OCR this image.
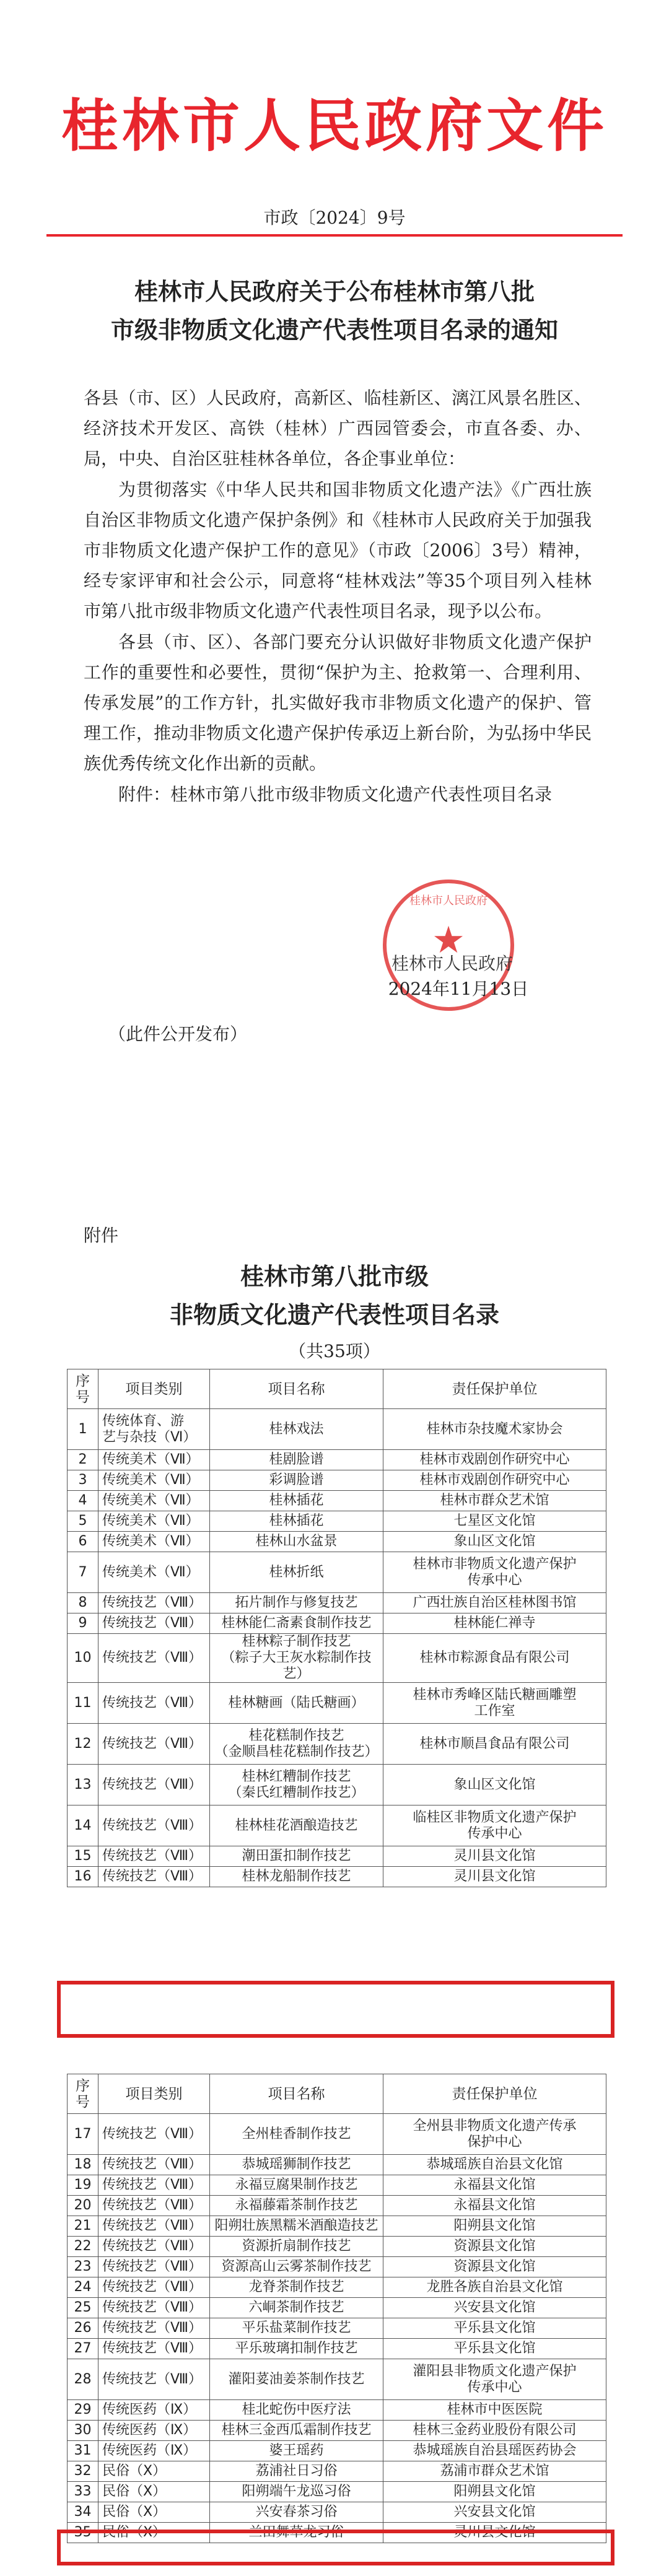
桂林市人民政府文件
市政〔2024〕9号
桂林市人民政府关于公布桂林市第八批
市级非物质文化遗产代表性项目名录的通知
各县（市、区）人民政府，高新区、临桂新区、漓江风景名胜区、经济技术开发区、高铁（桂林）广西园管委会，市直各委、办、局，中央、自治区驻桂林各单位，各企事业单位：
为贯彻落实《中华人民共和国非物质文化遗产法》《广西壮族自治区非物质文化遗产保护条例》和《桂林市人民政府关于加强我市非物质文化遗产保护工作的意见》（市政〔2006〕3号）精神，经专家评审和社会公示，同意将“桂林戏法”等35个项目列入桂林市第八批市级非物质文化遗产代表性项目名录，现予以公布。
各县（市、区）、各部门要充分认识做好非物质文化遗产保护工作的重要性和必要性，贯彻“保护为主、抢救第一、合理利用、传承发展”的工作方针，扎实做好我市非物质文化遗产的保护、管理工作，推动非物质文化遗产保护传承迈上新台阶，为弘扬中华民族优秀传统文化作出新的贡献。
附件：桂林市第八批市级非物质文化遗产代表性项目名录
桂林市人民政府
★
桂林市人民政府
2024年11月13日
（此件公开发布）
附件
桂林市第八批市级
非物质文化遗产代表性项目名录
（共35项）
序
号	项目类别	项目名称	责任保护单位

1	传统体育、游
艺与杂技（Ⅵ）	桂林戏法	桂林市杂技魔术家协会

2	传统美术（Ⅶ）	桂剧脸谱	桂林市戏剧创作研究中心

3	传统美术（Ⅶ）	彩调脸谱	桂林市戏剧创作研究中心

4	传统美术（Ⅶ）	桂林插花	桂林市群众艺术馆

5	传统美术（Ⅶ）	桂林插花	七星区文化馆

6	传统美术（Ⅶ）	桂林山水盆景	象山区文化馆

7	传统美术（Ⅶ）	桂林折纸	桂林市非物质文化遗产保护
传承中心

8	传统技艺（Ⅷ）	拓片制作与修复技艺	广西壮族自治区桂林图书馆

9	传统技艺（Ⅷ）	桂林能仁斋素食制作技艺	桂林能仁禅寺

10	传统技艺（Ⅷ）	桂林粽子制作技艺
（粽子大王灰水粽制作技艺）	桂林市粽源食品有限公司

11	传统技艺（Ⅷ）	桂林糖画（陆氏糖画）	桂林市秀峰区陆氏糖画雕塑
工作室

12	传统技艺（Ⅷ）	桂花糕制作技艺
（金顺昌桂花糕制作技艺）	桂林市顺昌食品有限公司

13	传统技艺（Ⅷ）	桂林红糟制作技艺
（秦氏红糟制作技艺）	象山区文化馆

14	传统技艺（Ⅷ）	桂林桂花酒酿造技艺	临桂区非物质文化遗产保护
传承中心

15	传统技艺（Ⅷ）	潮田蛋扣制作技艺	灵川县文化馆

16	传统技艺（Ⅷ）	桂林龙船制作技艺	灵川县文化馆
序
号	项目类别	项目名称	责任保护单位

17	传统技艺（Ⅷ）	全州桂香制作技艺	全州县非物质文化遗产传承
保护中心

18	传统技艺（Ⅷ）	恭城瑶狮制作技艺	恭城瑶族自治县文化馆

19	传统技艺（Ⅷ）	永福豆腐果制作技艺	永福县文化馆

20	传统技艺（Ⅷ）	永福藤霜茶制作技艺	永福县文化馆

21	传统技艺（Ⅷ）	阳朔壮族黑糯米酒酿造技艺	阳朔县文化馆

22	传统技艺（Ⅷ）	资源折扇制作技艺	资源县文化馆

23	传统技艺（Ⅷ）	资源高山云雾茶制作技艺	资源县文化馆

24	传统技艺（Ⅷ）	龙脊茶制作技艺	龙胜各族自治县文化馆

25	传统技艺（Ⅷ）	六峒茶制作技艺	兴安县文化馆

26	传统技艺（Ⅷ）	平乐盐菜制作技艺	平乐县文化馆

27	传统技艺（Ⅷ）	平乐玻璃扣制作技艺	平乐县文化馆

28	传统技艺（Ⅷ）	灌阳荽油姜茶制作技艺	灌阳县非物质文化遗产保护
传承中心

29	传统医药（Ⅸ）	桂北蛇伤中医疗法	桂林市中医医院

30	传统医药（Ⅸ）	桂林三金西瓜霜制作技艺	桂林三金药业股份有限公司

31	传统医药（Ⅸ）	婆王瑶药	恭城瑶族自治县瑶医药协会

32	民俗（Ⅹ）	荔浦社日习俗	荔浦市群众艺术馆

33	民俗（Ⅹ）	阳朔端午龙巡习俗	阳朔县文化馆

34	民俗（Ⅹ）	兴安春茶习俗	兴安县文化馆

35	民俗（Ⅹ）	兰田舞草龙习俗	灵川县文化馆
